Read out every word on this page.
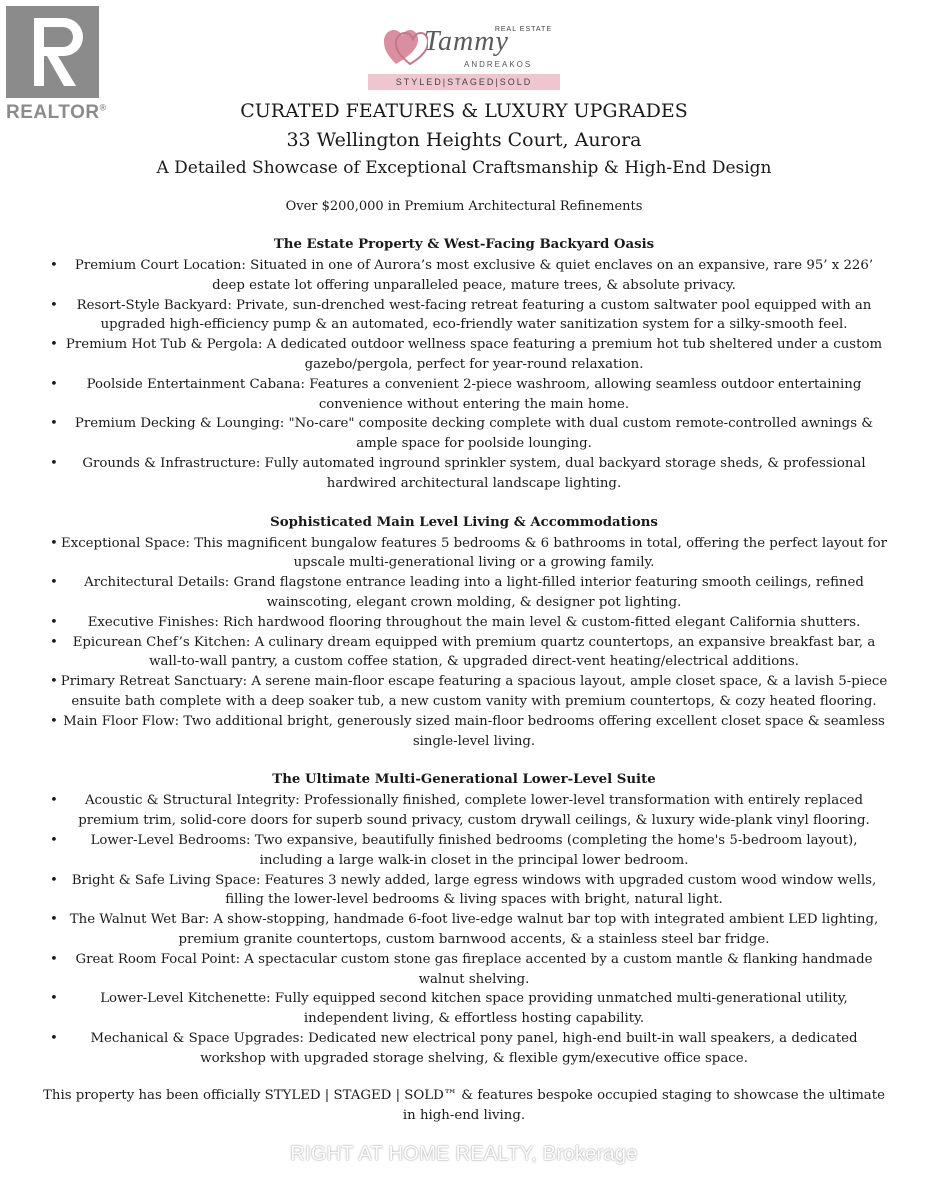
REALTOR®
REAL ESTATE
Tammy
ANDREAKOS
STYLED|STAGED|SOLD
CURATED FEATURES & LUXURY UPGRADES
33 Wellington Heights Court, Aurora
A Detailed Showcase of Exceptional Craftsmanship & High-End Design
Over $200,000 in Premium Architectural Refinements
The Estate Property & West-Facing Backyard Oasis
• Premium Court Location: Situated in one of Aurora’s most exclusive & quiet enclaves on an expansive, rare 95’ x 226’ deep estate lot offering unparalleled peace, mature trees, & absolute privacy.
• Resort-Style Backyard: Private, sun-drenched west-facing retreat featuring a custom saltwater pool equipped with an upgraded high-efficiency pump & an automated, eco-friendly water sanitization system for a silky-smooth feel.
• Premium Hot Tub & Pergola: A dedicated outdoor wellness space featuring a premium hot tub sheltered under a custom gazebo/pergola, perfect for year-round relaxation.
• Poolside Entertainment Cabana: Features a convenient 2-piece washroom, allowing seamless outdoor entertaining convenience without entering the main home.
• Premium Decking & Lounging: "No-care" composite decking complete with dual custom remote-controlled awnings & ample space for poolside lounging.
• Grounds & Infrastructure: Fully automated inground sprinkler system, dual backyard storage sheds, & professional hardwired architectural landscape lighting.
Sophisticated Main Level Living & Accommodations
• Exceptional Space: This magnificent bungalow features 5 bedrooms & 6 bathrooms in total, offering the perfect layout for upscale multi-generational living or a growing family.
• Architectural Details: Grand flagstone entrance leading into a light-filled interior featuring smooth ceilings, refined wainscoting, elegant crown molding, & designer pot lighting.
• Executive Finishes: Rich hardwood flooring throughout the main level & custom-fitted elegant California shutters.
• Epicurean Chef’s Kitchen: A culinary dream equipped with premium quartz countertops, an expansive breakfast bar, a wall-to-wall pantry, a custom coffee station, & upgraded direct-vent heating/electrical additions.
• Primary Retreat Sanctuary: A serene main-floor escape featuring a spacious layout, ample closet space, & a lavish 5-piece ensuite bath complete with a deep soaker tub, a new custom vanity with premium countertops, & cozy heated flooring.
• Main Floor Flow: Two additional bright, generously sized main-floor bedrooms offering excellent closet space & seamless single-level living.
The Ultimate Multi-Generational Lower-Level Suite
• Acoustic & Structural Integrity: Professionally finished, complete lower-level transformation with entirely replaced premium trim, solid-core doors for superb sound privacy, custom drywall ceilings, & luxury wide-plank vinyl flooring.
• Lower-Level Bedrooms: Two expansive, beautifully finished bedrooms (completing the home's 5-bedroom layout), including a large walk-in closet in the principal lower bedroom.
• Bright & Safe Living Space: Features 3 newly added, large egress windows with upgraded custom wood window wells, filling the lower-level bedrooms & living spaces with bright, natural light.
• The Walnut Wet Bar: A show-stopping, handmade 6-foot live-edge walnut bar top with integrated ambient LED lighting, premium granite countertops, custom barnwood accents, & a stainless steel bar fridge.
• Great Room Focal Point: A spectacular custom stone gas fireplace accented by a custom mantle & flanking handmade walnut shelving.
• Lower-Level Kitchenette: Fully equipped second kitchen space providing unmatched multi-generational utility, independent living, & effortless hosting capability.
• Mechanical & Space Upgrades: Dedicated new electrical pony panel, high-end built-in wall speakers, a dedicated workshop with upgraded storage shelving, & flexible gym/executive office space.
This property has been officially STYLED | STAGED | SOLD™ & features bespoke occupied staging to showcase the ultimate in high-end living.
RIGHT AT HOME REALTY, Brokerage
